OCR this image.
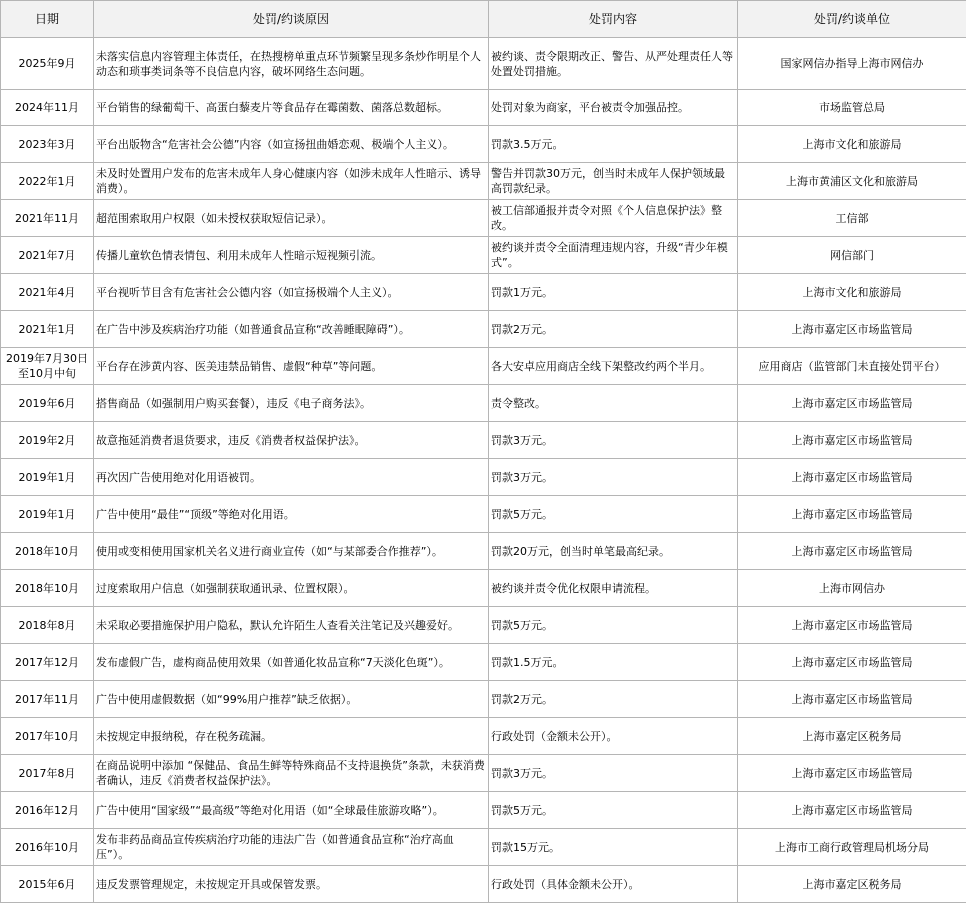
日期	处罚/约谈原因	处罚内容	处罚/约谈单位
2025年9月	未落实信息内容管理主体责任，在热搜榜单重点环节频繁呈现多条炒作明星个人动态和琐事类词条等不良信息内容，破坏网络生态问题。	被约谈、责令限期改正、警告、从严处理责任人等处置处罚措施。	国家网信办指导上海市网信办
2024年11月	平台销售的绿葡萄干、高蛋白藜麦片等食品存在霉菌数、菌落总数超标。	处罚对象为商家，平台被责令加强品控。	市场监管总局
2023年3月	平台出版物含“危害社会公德”内容（如宣扬扭曲婚恋观、极端个人主义）。	罚款3.5万元。	上海市文化和旅游局
2022年1月	未及时处置用户发布的危害未成年人身心健康内容（如涉未成年人性暗示、诱导消费）。	警告并罚款30万元，创当时未成年人保护领域最高罚款纪录。	上海市黄浦区文化和旅游局
2021年11月	超范围索取用户权限（如未授权获取短信记录）。	被工信部通报并责令对照《个人信息保护法》整改。	工信部
2021年7月	传播儿童软色情表情包、利用未成年人性暗示短视频引流。	被约谈并责令全面清理违规内容，升级“青少年模式”。	网信部门
2021年4月	平台视听节目含有危害社会公德内容（如宣扬极端个人主义）。	罚款1万元。	上海市文化和旅游局
2021年1月	在广告中涉及疾病治疗功能（如普通食品宣称“改善睡眠障碍”）。	罚款2万元。	上海市嘉定区市场监管局
2019年7月30日至10月中旬	平台存在涉黄内容、医美违禁品销售、虚假“种草”等问题。	各大安卓应用商店全线下架整改约两个半月。	应用商店（监管部门未直接处罚平台）
2019年6月	搭售商品（如强制用户购买套餐），违反《电子商务法》。	责令整改。	上海市嘉定区市场监管局
2019年2月	故意拖延消费者退货要求，违反《消费者权益保护法》。	罚款3万元。	上海市嘉定区市场监管局
2019年1月	再次因广告使用绝对化用语被罚。	罚款3万元。	上海市嘉定区市场监管局
2019年1月	广告中使用“最佳”“顶级”等绝对化用语。	罚款5万元。	上海市嘉定区市场监管局
2018年10月	使用或变相使用国家机关名义进行商业宣传（如“与某部委合作推荐”）。	罚款20万元，创当时单笔最高纪录。	上海市嘉定区市场监管局
2018年10月	过度索取用户信息（如强制获取通讯录、位置权限）。	被约谈并责令优化权限申请流程。	上海市网信办
2018年8月	未采取必要措施保护用户隐私，默认允许陌生人查看关注笔记及兴趣爱好。	罚款5万元。	上海市嘉定区市场监管局
2017年12月	发布虚假广告，虚构商品使用效果（如普通化妆品宣称“7天淡化色斑”）。	罚款1.5万元。	上海市嘉定区市场监管局
2017年11月	广告中使用虚假数据（如“99%用户推荐”缺乏依据）。	罚款2万元。	上海市嘉定区市场监管局
2017年10月	未按规定申报纳税，存在税务疏漏。	行政处罚（金额未公开）。	上海市嘉定区税务局
2017年8月	在商品说明中添加 “保健品、食品生鲜等特殊商品不支持退换货”条款，未获消费者确认，违反《消费者权益保护法》。	罚款3万元。	上海市嘉定区市场监管局
2016年12月	广告中使用“国家级”“最高级”等绝对化用语（如“全球最佳旅游攻略”）。	罚款5万元。	上海市嘉定区市场监管局
2016年10月	发布非药品商品宣传疾病治疗功能的违法广告（如普通食品宣称“治疗高血压”）。	罚款15万元。	上海市工商行政管理局机场分局
2015年6月	违反发票管理规定，未按规定开具或保管发票。	行政处罚（具体金额未公开）。	上海市嘉定区税务局
